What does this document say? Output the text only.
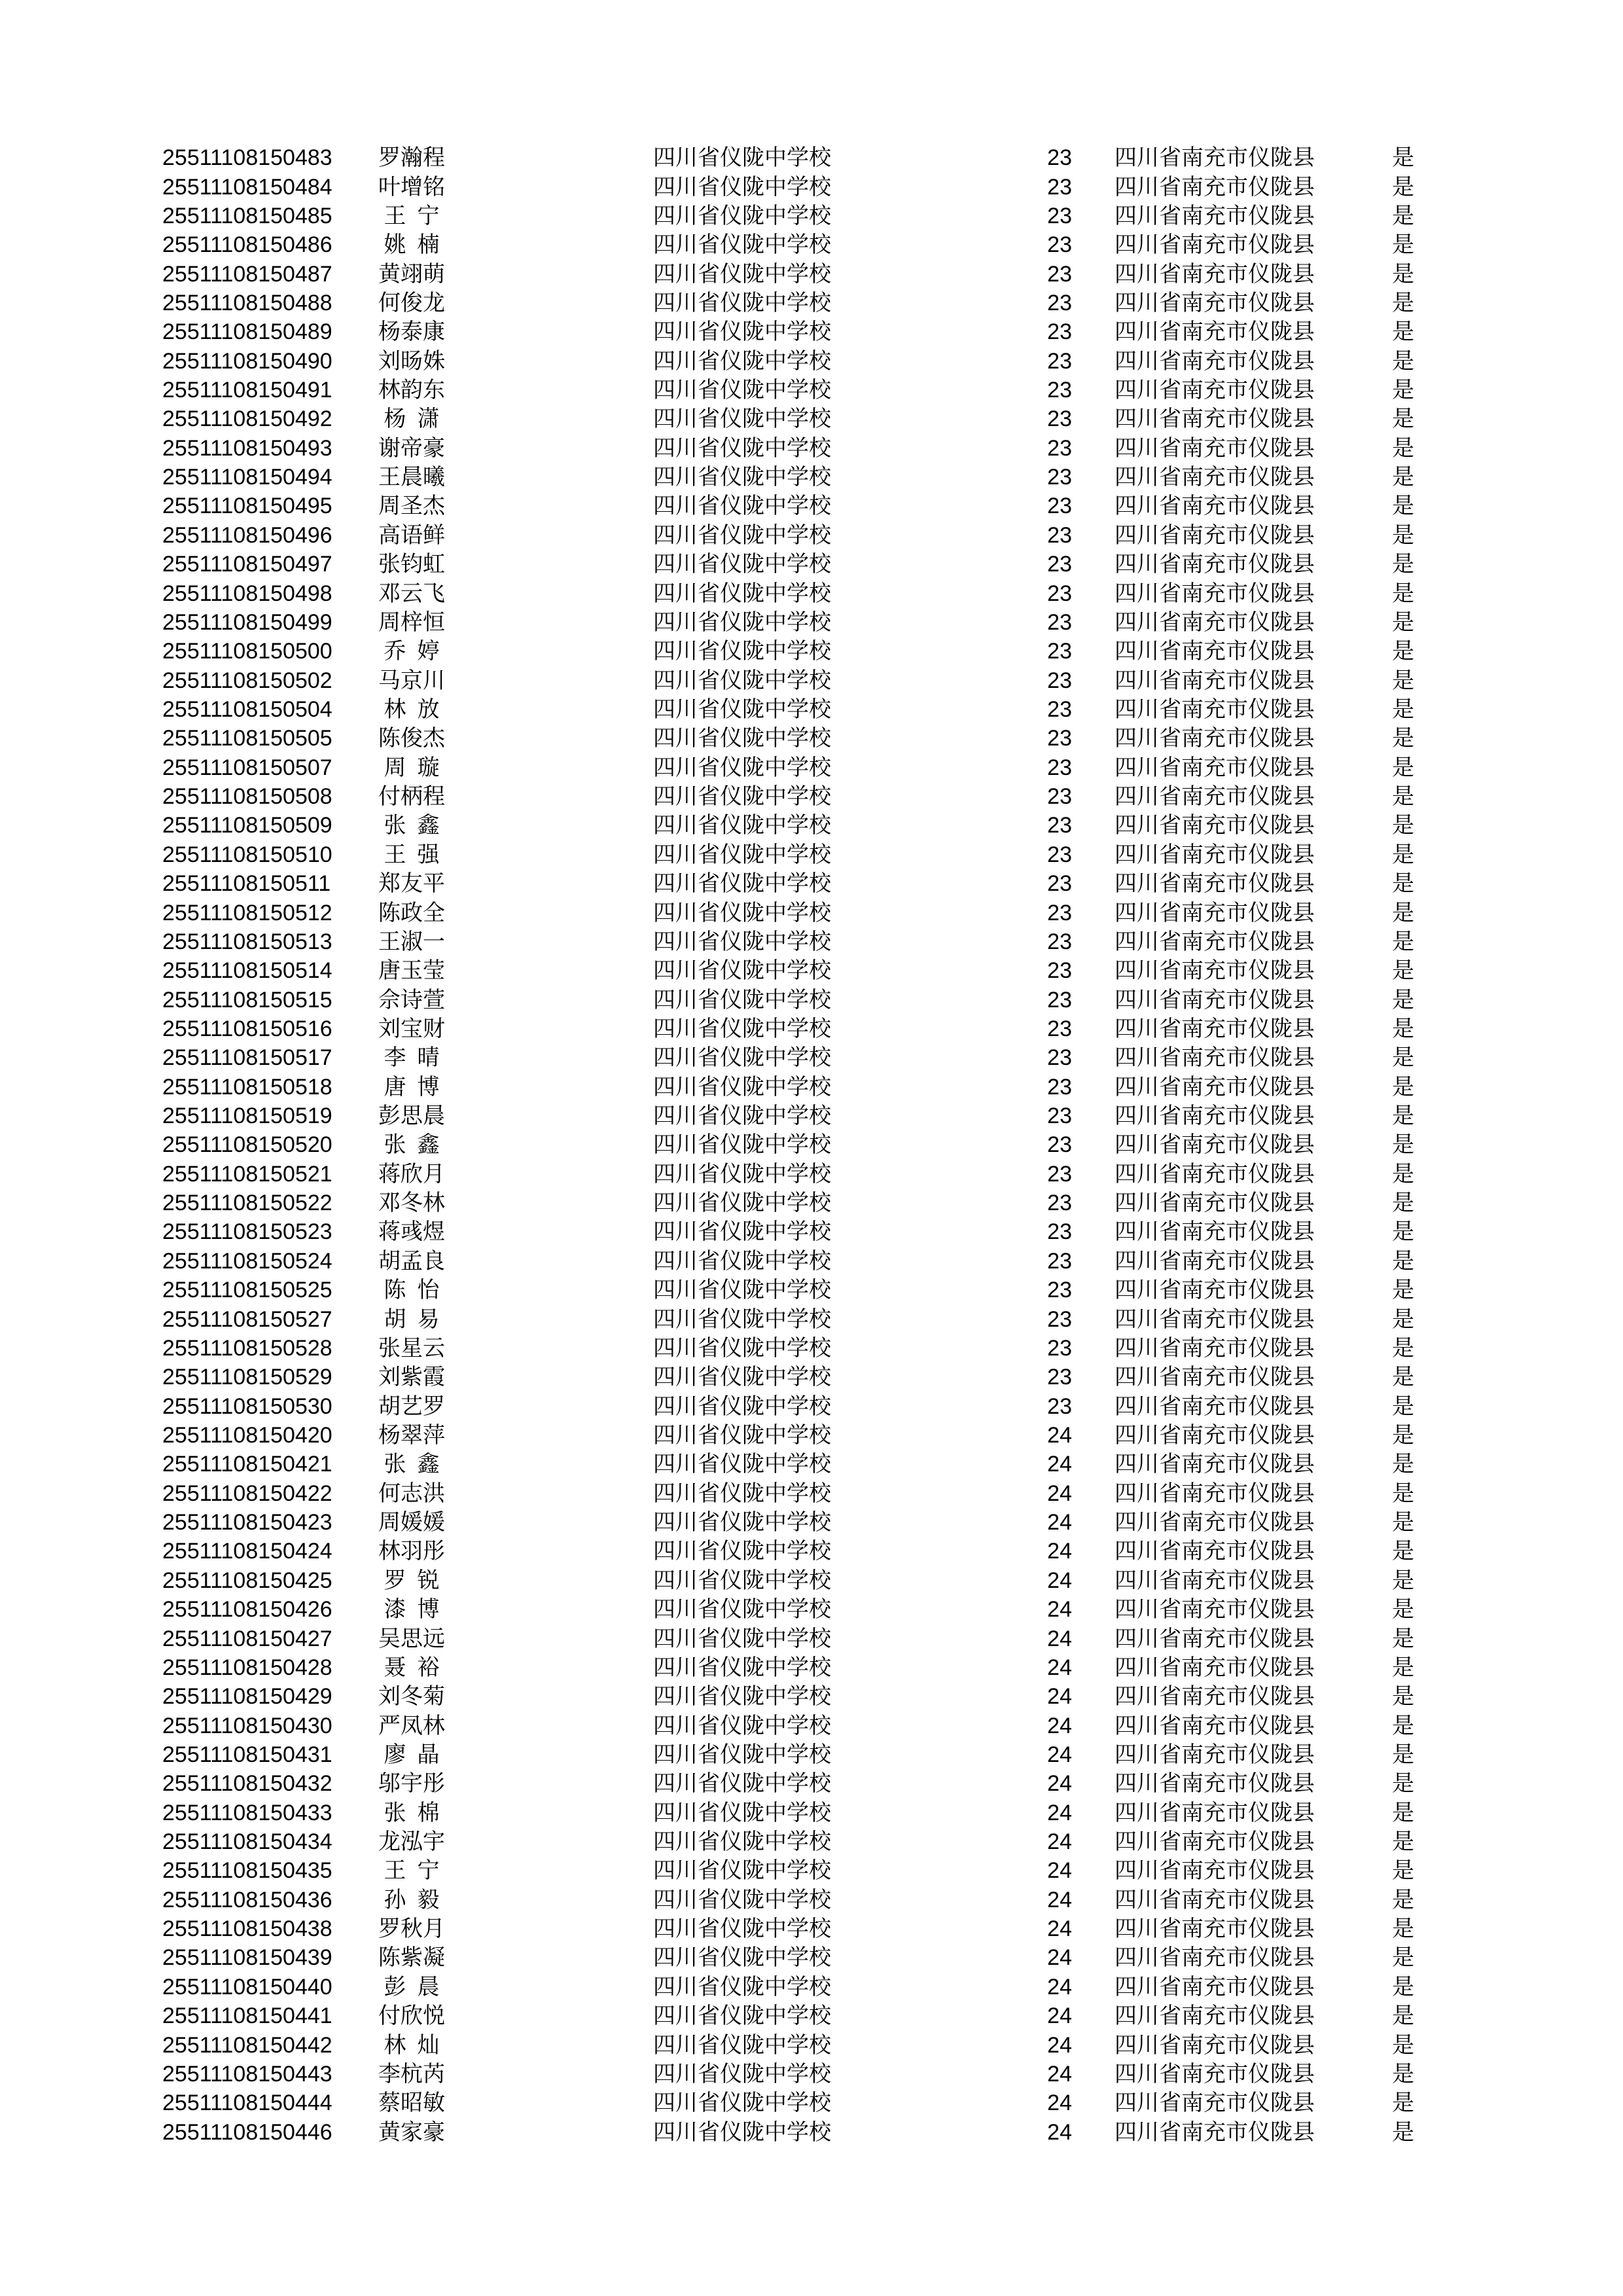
25511108150483 罗瀚程	四川省仪陇中学校	23 四川省南充市仪陇县	是
25511108150484 叶增铭	四川省仪陇中学校	23 四川省南充市仪陇县	是
25511108150485	王 宁	四川省仪陇中学校	23 四川省南充市仪陇县	是
25511108150486	姚 楠	四川省仪陇中学校	23 四川省南充市仪陇县	是
25511108150487 黄翊萌	四川省仪陇中学校	23 四川省南充市仪陇县	是
25511108150488 何俊龙	四川省仪陇中学校	23 四川省南充市仪陇县	是
25511108150489 杨泰康	四川省仪陇中学校	23 四川省南充市仪陇县	是
25511108150490 刘旸姝	四川省仪陇中学校	23 四川省南充市仪陇县	是
25511108150491 林韵东	四川省仪陇中学校	23 四川省南充市仪陇县	是
25511108150492	杨 潇	四川省仪陇中学校	23 四川省南充市仪陇县	是
25511108150493 谢帝豪	四川省仪陇中学校	23 四川省南充市仪陇县	是
25511108150494 王晨曦	四川省仪陇中学校	23 四川省南充市仪陇县	是
25511108150495 周圣杰	四川省仪陇中学校	23 四川省南充市仪陇县	是
25511108150496 高语鲜	四川省仪陇中学校	23 四川省南充市仪陇县	是
25511108150497 张钧虹	四川省仪陇中学校	23 四川省南充市仪陇县	是
25511108150498 邓云飞	四川省仪陇中学校	23 四川省南充市仪陇县	是
25511108150499 周梓恒	四川省仪陇中学校	23 四川省南充市仪陇县	是
25511108150500	乔 婷	四川省仪陇中学校	23 四川省南充市仪陇县	是
25511108150502 马京川	四川省仪陇中学校	23 四川省南充市仪陇县	是
25511108150504	林 放	四川省仪陇中学校	23 四川省南充市仪陇县	是
25511108150505 陈俊杰	四川省仪陇中学校	23 四川省南充市仪陇县	是
25511108150507	周 璇	四川省仪陇中学校	23 四川省南充市仪陇县	是
25511108150508 付柄程	四川省仪陇中学校	23 四川省南充市仪陇县	是
25511108150509	张 鑫	四川省仪陇中学校	23 四川省南充市仪陇县	是
25511108150510	王 强	四川省仪陇中学校	23 四川省南充市仪陇县	是
25511108150511 郑友平	四川省仪陇中学校	23 四川省南充市仪陇县	是
25511108150512 陈政全	四川省仪陇中学校	23 四川省南充市仪陇县	是
25511108150513 王淑一	四川省仪陇中学校	23 四川省南充市仪陇县	是
25511108150514 唐玉莹	四川省仪陇中学校	23 四川省南充市仪陇县	是
25511108150515 佘诗萱	四川省仪陇中学校	23 四川省南充市仪陇县	是
25511108150516 刘宝财	四川省仪陇中学校	23 四川省南充市仪陇县	是
25511108150517	李 晴	四川省仪陇中学校	23 四川省南充市仪陇县	是
25511108150518	唐 博	四川省仪陇中学校	23 四川省南充市仪陇县	是
25511108150519 彭思晨	四川省仪陇中学校	23 四川省南充市仪陇县	是
25511108150520	张 鑫	四川省仪陇中学校	23 四川省南充市仪陇县	是
25511108150521 蒋欣月	四川省仪陇中学校	23 四川省南充市仪陇县	是
25511108150522 邓冬林	四川省仪陇中学校	23 四川省南充市仪陇县	是
25511108150523 蒋彧煜	四川省仪陇中学校	23 四川省南充市仪陇县	是
25511108150524 胡孟良	四川省仪陇中学校	23 四川省南充市仪陇县	是
25511108150525	陈 怡	四川省仪陇中学校	23 四川省南充市仪陇县	是
25511108150527	胡 易	四川省仪陇中学校	23 四川省南充市仪陇县	是
25511108150528 张星云	四川省仪陇中学校	23 四川省南充市仪陇县	是
25511108150529 刘紫霞	四川省仪陇中学校	23 四川省南充市仪陇县	是
25511108150530 胡艺罗	四川省仪陇中学校	23 四川省南充市仪陇县	是
25511108150420 杨翠萍	四川省仪陇中学校	24 四川省南充市仪陇县	是
25511108150421	张 鑫	四川省仪陇中学校	24 四川省南充市仪陇县	是
25511108150422 何志洪	四川省仪陇中学校	24 四川省南充市仪陇县	是
25511108150423 周媛媛	四川省仪陇中学校	24 四川省南充市仪陇县	是
25511108150424 林羽彤	四川省仪陇中学校	24 四川省南充市仪陇县	是
25511108150425	罗 锐	四川省仪陇中学校	24 四川省南充市仪陇县	是
25511108150426	漆 博	四川省仪陇中学校	24 四川省南充市仪陇县	是
25511108150427 吴思远	四川省仪陇中学校	24 四川省南充市仪陇县	是
25511108150428	聂 裕	四川省仪陇中学校	24 四川省南充市仪陇县	是
25511108150429 刘冬菊	四川省仪陇中学校	24 四川省南充市仪陇县	是
25511108150430 严凤林	四川省仪陇中学校	24 四川省南充市仪陇县	是
25511108150431	廖 晶	四川省仪陇中学校	24 四川省南充市仪陇县	是
25511108150432 邬宇彤	四川省仪陇中学校	24 四川省南充市仪陇县	是
25511108150433	张 棉	四川省仪陇中学校	24 四川省南充市仪陇县	是
25511108150434 龙泓宇	四川省仪陇中学校	24 四川省南充市仪陇县	是
25511108150435	王 宁	四川省仪陇中学校	24 四川省南充市仪陇县	是
25511108150436	孙 毅	四川省仪陇中学校	24 四川省南充市仪陇县	是
25511108150438 罗秋月	四川省仪陇中学校	24 四川省南充市仪陇县	是
25511108150439 陈紫凝	四川省仪陇中学校	24 四川省南充市仪陇县	是
25511108150440	彭 晨	四川省仪陇中学校	24 四川省南充市仪陇县	是
25511108150441 付欣悦	四川省仪陇中学校	24 四川省南充市仪陇县	是
25511108150442	林 灿	四川省仪陇中学校	24 四川省南充市仪陇县	是
25511108150443 李杭芮	四川省仪陇中学校	24 四川省南充市仪陇县	是
25511108150444 蔡昭敏	四川省仪陇中学校	24 四川省南充市仪陇县	是
25511108150446 黄家豪	四川省仪陇中学校	24 四川省南充市仪陇县	是
